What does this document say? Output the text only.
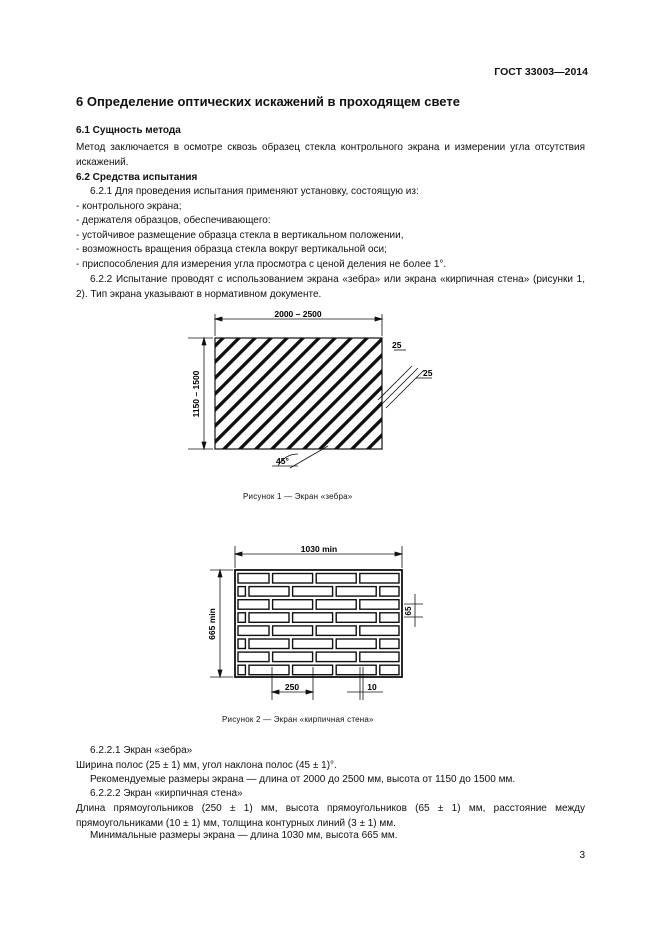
ГОСТ 33003—2014
6 Определение оптических искажений в проходящем свете
6.1 Сущность метода

Метод заключается в осмотре сквозь образец стекла контрольного экрана и измерении угла отсутствия искажений.

6.2 Средства испытания
6.2.1 Для проведения испытания применяют установку, состоящую из:
- контрольного экрана;
- держателя образцов, обеспечивающего:
- устойчивое размещение образца стекла в вертикальном положении,
- возможность вращения образца стекла вокруг вертикальной оси;
- приспособления для измерения угла просмотра с ценой деления не более 1°.

6.2.2 Испытание проводят с использованием экрана «зебра» или экрана «кирпичная стена» (рисунки 1, 2). Тип экрана указывают в нормативном документе.

2000 – 2500
1150 – 1500
25
25
45°
Рисунок 1 — Экран «зебра»
1030 min
665 min	65
250	10
Рисунок 2 — Экран «кирпичная стена»
6.2.2.1 Экран «зебра»
Ширина полос (25 ± 1) мм, угол наклона полос (45 ± 1)°.
Рекомендуемые размеры экрана — длина от 2000 до 2500 мм, высота от 1150 до 1500 мм.
6.2.2.2 Экран «кирпичная стена»
Длина прямоугольников (250 ± 1) мм, высота прямоугольников (65 ± 1) мм, расстояние между прямоугольниками (10 ± 1) мм, толщина контурных линий (3 ± 1) мм.
Минимальные размеры экрана — длина 1030 мм, высота 665 мм.
3
